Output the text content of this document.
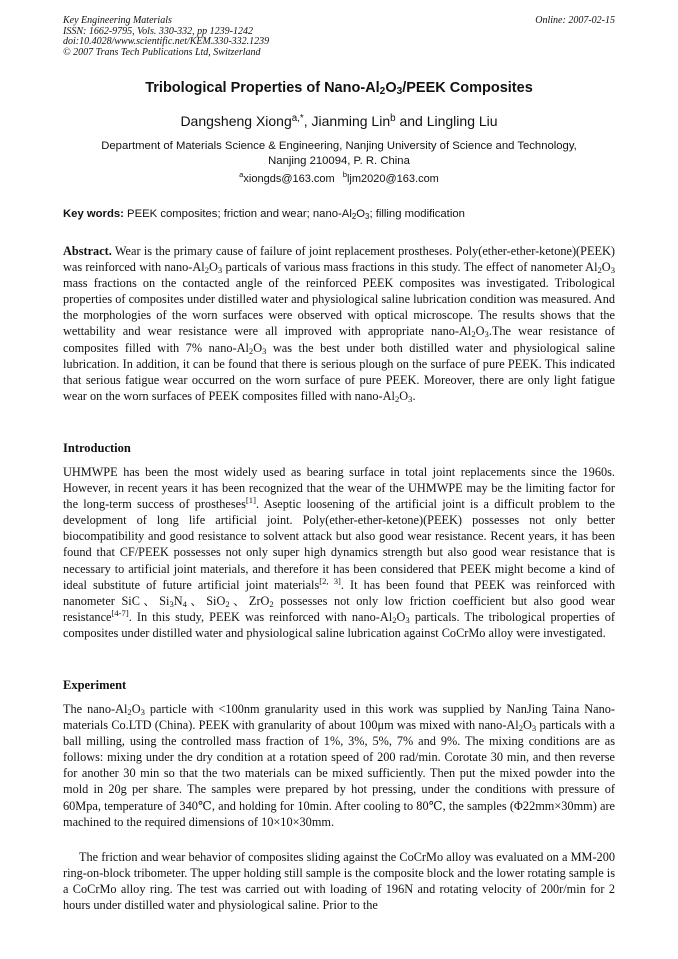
Key Engineering Materials
ISSN: 1662-9795, Vols. 330-332, pp 1239-1242
doi:10.4028/www.scientific.net/KEM.330-332.1239
© 2007 Trans Tech Publications Ltd, Switzerland
Online: 2007-02-15
Tribological Properties of Nano-$Al_2O_3$/PEEK Composites
Dangsheng Xiong$^{a,*}$, Jianming Lin$^b$ and Lingling Liu
Department of Materials Science & Engineering, Nanjing University of Science and Technology,
Nanjing 210094, P. R. China
$^a$xiongds@163.com $^b$ljm2020@163.com
Key words: PEEK composites; friction and wear; nano-$Al_2O_3$; filling modification
Abstract. Wear is the primary cause of failure of joint replacement prostheses. Poly(ether-ether-ketone)(PEEK) was reinforced with nano-$Al_2O_3$ particals of various mass fractions in this study. The effect of nanometer $Al_2O_3$ mass fractions on the contacted angle of the reinforced PEEK composites was investigated. Tribological properties of composites under distilled water and physiological saline lubrication condition was measured. And the morphologies of the worn surfaces were observed with optical microscope. The results shows that the wettability and wear resistance were all improved with appropriate nano-$Al_2O_3.The$ wear resistance of composites filled with 7% nano-$Al_2O_3$ was the best under both distilled water and physiological saline lubrication. In addition, it can be found that there is serious plough on the surface of pure PEEK. This indicated that serious fatigue wear occurred on the worn surface of pure PEEK. Moreover, there are only light fatigue wear on the worn surfaces of PEEK composites filled with nano-$Al_2O_3$.
Introduction
UHMWPE has been the most widely used as bearing surface in total joint replacements since the 1960s. However, in recent years it has been recognized that the wear of the UHMWPE may be the limiting factor for the long-term success of prostheses[1]. Aseptic loosening of the artificial joint is a difficult problem to the development of long life artificial joint. Poly(ether-ether-ketone)(PEEK) possesses not only better biocompatibility and good resistance to solvent attack but also good wear resistance. Recent years, it has been found that CF/PEEK possesses not only super high dynamics strength but also good wear resistance that is necessary to artificial joint materials, and therefore it has been considered that PEEK might become a kind of ideal substitute of future artificial joint materials[2, 3]. It has been found that PEEK was reinforced with nanometer SiC、$Si_3N_4$、SiO$_2$、ZrO$_2$ possesses not only low friction coefficient but also good wear resistance[4-7]. In this study, PEEK was reinforced with nano-$Al_2O_3$ particals. The tribological properties of composites under distilled water and physiological saline lubrication against CoCrMo alloy were investigated.
Experiment
The nano-$Al_2O_3$ particle with <100nm granularity used in this work was supplied by NanJing Taina Nano-materials Co.LTD (China). PEEK with granularity of about 100μm was mixed with nano-$Al_2O_3$ particals with a ball milling, using the controlled mass fraction of 1%, 3%, 5%, 7% and 9%. The mixing conditions are as follows: mixing under the dry condition at a rotation speed of 200 rad/min. Corotate 30 min, and then reverse for another 30 min so that the two materials can be mixed sufficiently. Then put the mixed powder into the mold in 20g per share. The samples were prepared by hot pressing, under the conditions with pressure of 60Mpa, temperature of 340℃, and holding for 10min. After cooling to 80℃, the samples (Φ22mm×30mm) are machined to the required dimensions of 10×10×30mm.
The friction and wear behavior of composites sliding against the CoCrMo alloy was evaluated on a MM-200 ring-on-block tribometer. The upper holding still sample is the composite block and the lower rotating sample is a CoCrMo alloy ring. The test was carried out with loading of 196N and rotating velocity of 200r/min for 2 hours under distilled water and physiological saline. Prior to the
